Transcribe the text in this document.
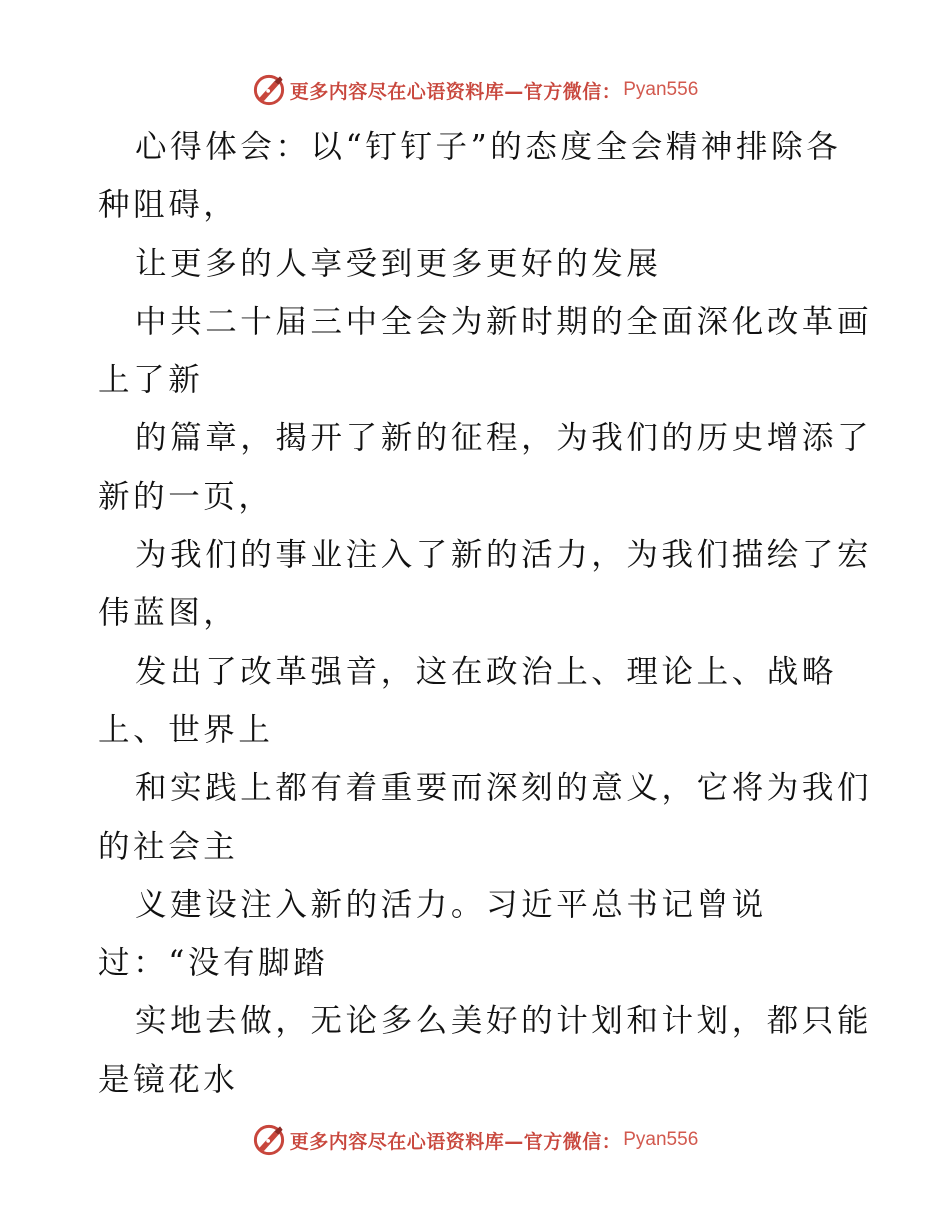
更多内容尽在心语资料库—官方微信： Pyan556
心得体会：以“钉钉子”的态度全会精神排除各
种阻碍，
让更多的人享受到更多更好的发展
中共二十届三中全会为新时期的全面深化改革画
上了新
的篇章，揭开了新的征程，为我们的历史增添了
新的一页，
为我们的事业注入了新的活力，为我们描绘了宏
伟蓝图，
发出了改革强音，这在政治上、理论上、战略
上、世界上
和实践上都有着重要而深刻的意义，它将为我们
的社会主
义建设注入新的活力。习近平总书记曾说
过：“没有脚踏
实地去做，无论多么美好的计划和计划，都只能
是镜花水
更多内容尽在心语资料库—官方微信： Pyan556
